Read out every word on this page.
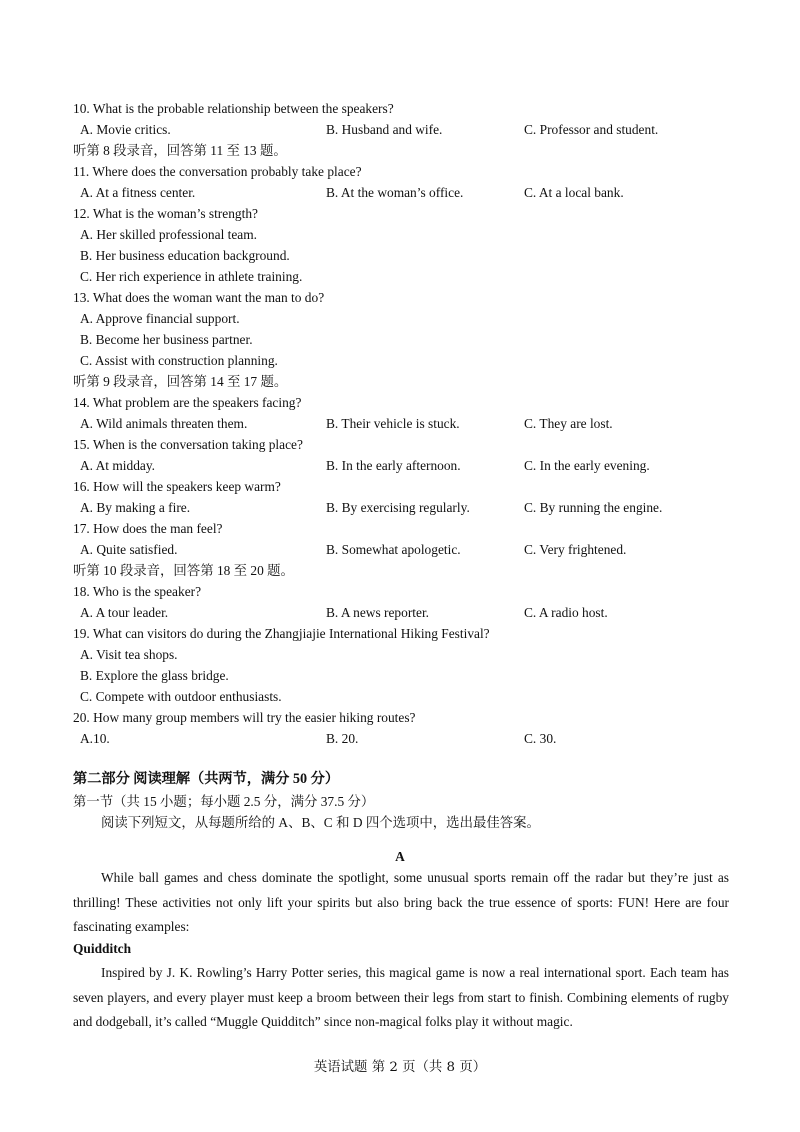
10. What is the probable relationship between the speakers?
A. Movie critics.	B. Husband and wife.	C. Professor and student.
听第 8 段录音，回答第 11 至 13 题。
11. Where does the conversation probably take place?
A. At a fitness center.	B. At the woman’s office.	C. At a local bank.
12. What is the woman’s strength?
A. Her skilled professional team.
B. Her business education background.
C. Her rich experience in athlete training.
13. What does the woman want the man to do?
A. Approve financial support.
B. Become her business partner.
C. Assist with construction planning.
听第 9 段录音，回答第 14 至 17 题。
14. What problem are the speakers facing?
A. Wild animals threaten them.	B. Their vehicle is stuck.	C. They are lost.
15. When is the conversation taking place?
A. At midday.	B. In the early afternoon.	C. In the early evening.
16. How will the speakers keep warm?
A. By making a fire.	B. By exercising regularly.	C. By running the engine.
17. How does the man feel?
A. Quite satisfied.	B. Somewhat apologetic.	C. Very frightened.
听第 10 段录音，回答第 18 至 20 题。
18. Who is the speaker?
A. A tour leader.	B. A news reporter.	C. A radio host.
19. What can visitors do during the Zhangjiajie International Hiking Festival?
A. Visit tea shops.
B. Explore the glass bridge.
C. Compete with outdoor enthusiasts.
20. How many group members will try the easier hiking routes?
A.10.	B. 20.	C. 30.
第二部分 阅读理解（共两节，满分 50 分）
第一节（共 15 小题；每小题 2.5 分，满分 37.5 分）
阅读下列短文，从每题所给的 A、B、C 和 D 四个选项中，选出最佳答案。
A
While ball games and chess dominate the spotlight, some unusual sports remain off the radar but they’re just as thrilling! These activities not only lift your spirits but also bring back the true essence of sports: FUN! Here are four fascinating examples:
Quidditch
Inspired by J. K. Rowling’s Harry Potter series, this magical game is now a real international sport. Each team has seven players, and every player must keep a broom between their legs from start to finish. Combining elements of rugby and dodgeball, it’s called “Muggle Quidditch” since non-magical folks play it without magic.
英语试题 第 2 页（共 8 页）
